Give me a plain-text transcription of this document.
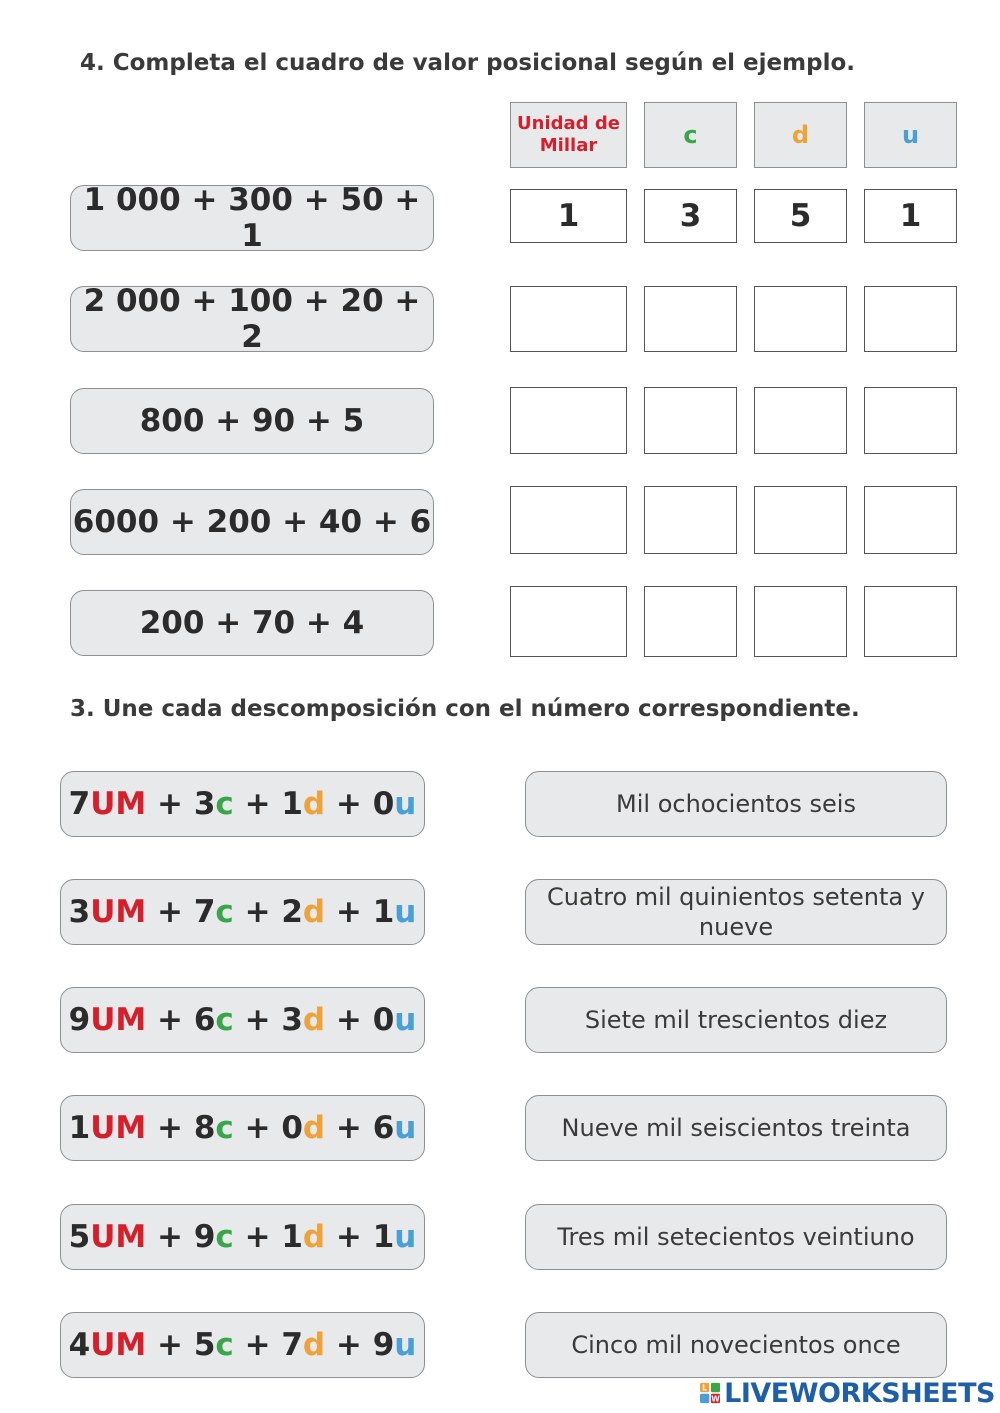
4. Completa el cuadro de valor posicional según el ejemplo.
Unidad de Millar	c	d	u
1 000 + 300 + 50 + 1
1	3	5	1
2 000 + 100 + 20 + 2
800 + 90 + 5
6000 + 200 + 40 + 6
200 + 70 + 4
3. Une cada descomposición con el número correspondiente.
7 UM + 3 c + 1 d + 0 u
3 UM + 7 c + 2 d + 1 u
9 UM + 6 c + 3 d + 0 u
1 UM + 8 c + 0 d + 6 u
5 UM + 9 c + 1 d + 1 u
4 UM + 5 c + 7 d + 9 u
Mil ochocientos seis
Cuatro mil quinientos setenta y nueve
Siete mil trescientos diez
Nueve mil seiscientos treinta
Tres mil setecientos veintiuno
Cinco mil novecientos once
L
W LIVEWORKSHEETS
